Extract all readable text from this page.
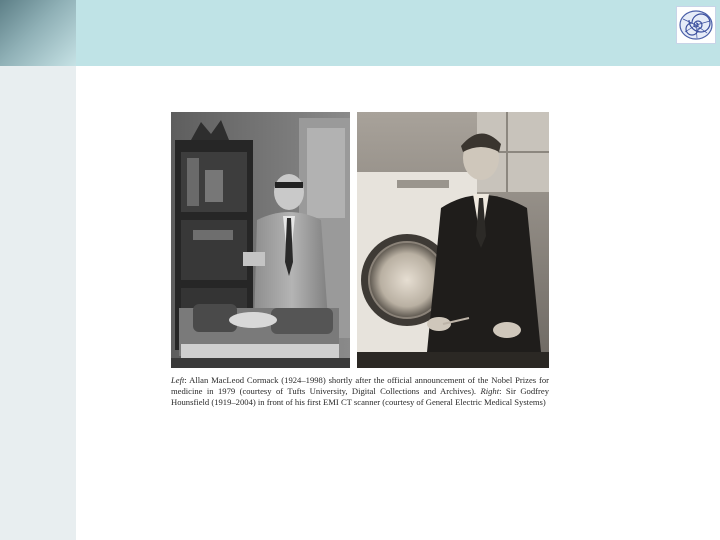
Left: Allan MacLeod Cormack (1924–1998) shortly after the official announcement of the Nobel Prizes for medicine in 1979 (courtesy of Tufts University, Digital Collections and Archives). Right: Sir Godfrey Hounsfield (1919–2004) in front of his first EMI CT scanner (courtesy of General Electric Medical Systems)
